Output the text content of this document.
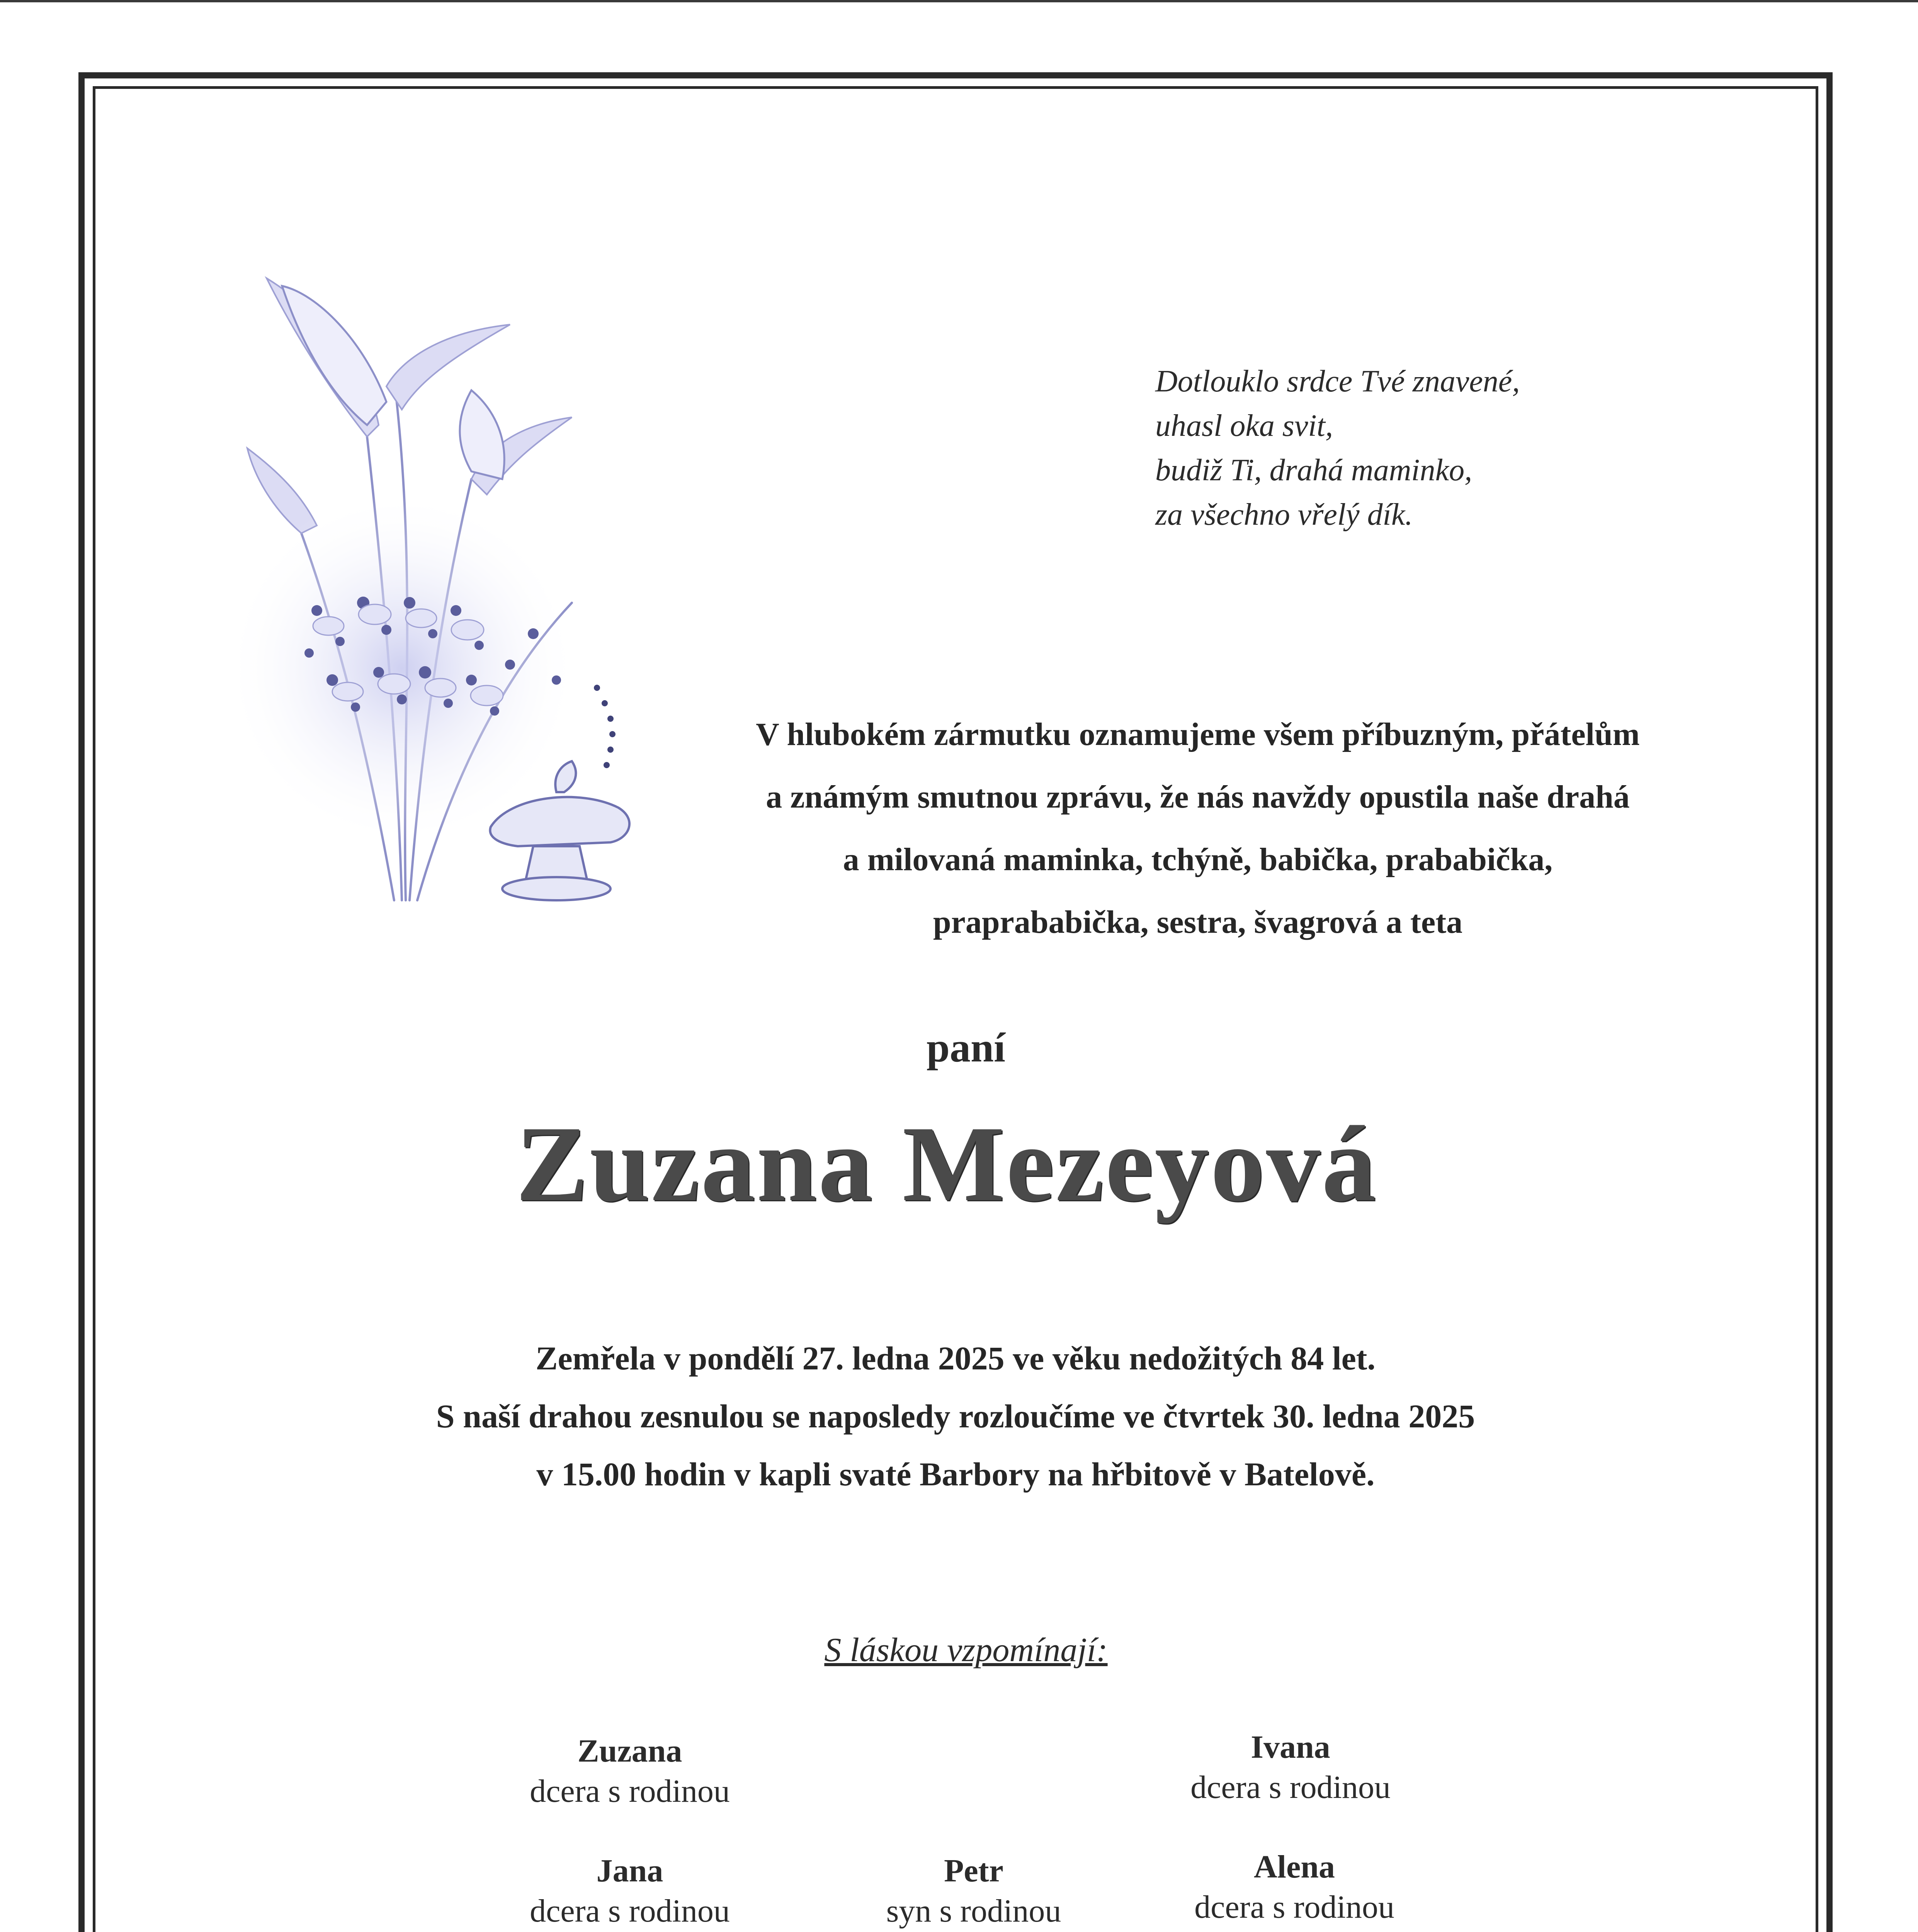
Dotlouklo srdce Tvé znavené,
uhasl oka svit,
budiž Ti, drahá maminko,
za všechno vřelý dík.
V hlubokém zármutku oznamujeme všem příbuzným, přátelům
a známým smutnou zprávu, že nás navždy opustila naše drahá
a milovaná maminka, tchýně, babička, prababička,
praprababička, sestra, švagrová a teta
paní
Zuzana Mezeyová
Zemřela v pondělí 27. ledna 2025 ve věku nedožitých 84 let.
S naší drahou zesnulou se naposledy rozloučíme ve čtvrtek 30. ledna 2025
v 15.00 hodin v kapli svaté Barbory na hřbitově v Batelově.
S láskou vzpomínají:
Zuzana
dcera s rodinou
Ivana
dcera s rodinou
Jana
dcera s rodinou
Petr
syn s rodinou
Alena
dcera s rodinou
